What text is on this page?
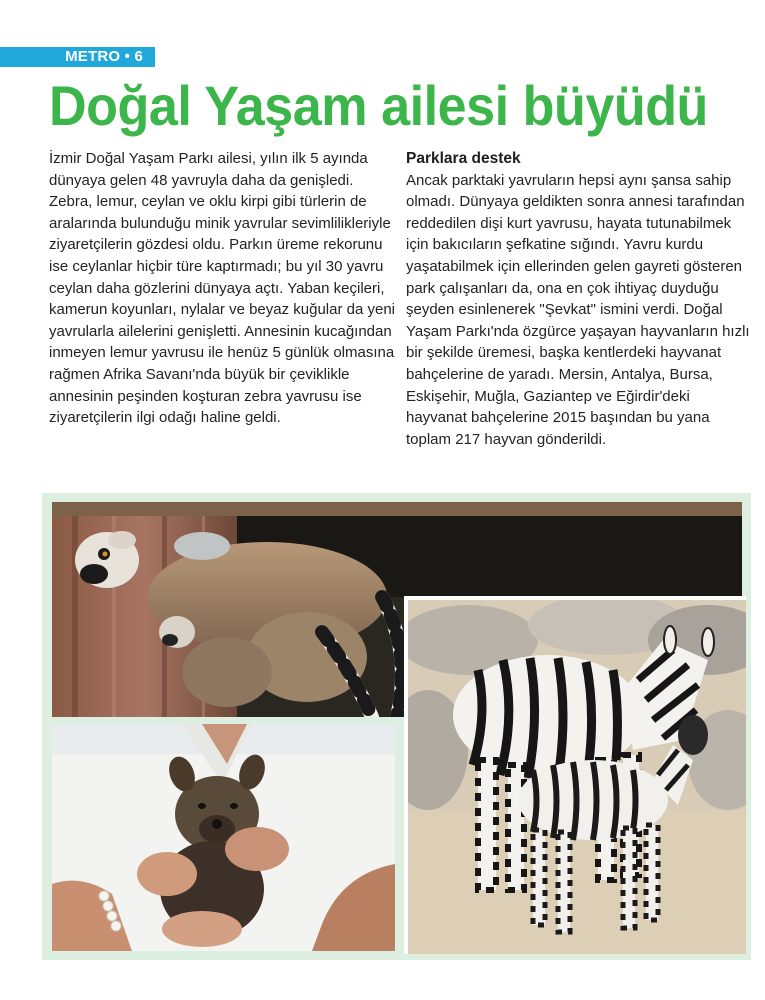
METRO • 6
Doğal Yaşam ailesi büyüdü

İzmir Doğal Yaşam Parkı ailesi, yılın ilk 5 ayında dünyaya gelen 48 yavruyla daha da genişledi. Zebra, lemur, ceylan ve oklu kirpi gibi türlerin de aralarında bulunduğu minik yavrular sevimlilikleriyle ziyaretçilerin gözdesi oldu. Parkın üreme rekorunu ise ceylanlar hiçbir türe kaptırmadı; bu yıl 30 yavru ceylan daha gözlerini dünyaya açtı. Yaban keçileri, kamerun koyunları, nylalar ve beyaz kuğular da yeni yavrularla ailelerini genişletti. Annesinin kucağından inmeyen lemur yavrusu ile henüz 5 günlük olmasına rağmen Afrika Savanı'nda büyük bir çeviklikle annesinin peşinden koşturan zebra yavrusu ise ziyaretçilerin ilgi odağı haline geldi.

Parklara destek

Ancak parktaki yavruların hepsi aynı şansa sahip olmadı. Dünyaya geldikten sonra annesi tarafından reddedilen dişi kurt yavrusu, hayata tutunabilmek için bakıcıların şefkatine sığındı. Yavru kurdu yaşatabilmek için ellerinden gelen gayreti gösteren park çalışanları da, ona en çok ihtiyaç duyduğu şeyden esinlenerek "Şevkat" ismini verdi. Doğal Yaşam Parkı'nda özgürce yaşayan hayvanların hızlı bir şekilde üremesi, başka kentlerdeki hayvanat bahçelerine de yaradı. Mersin, Antalya, Bursa, Eskişehir, Muğla, Gaziantep ve Eğirdir'deki hayvanat bahçelerine 2015 başından bu yana toplam 217 hayvan gönderildi.
